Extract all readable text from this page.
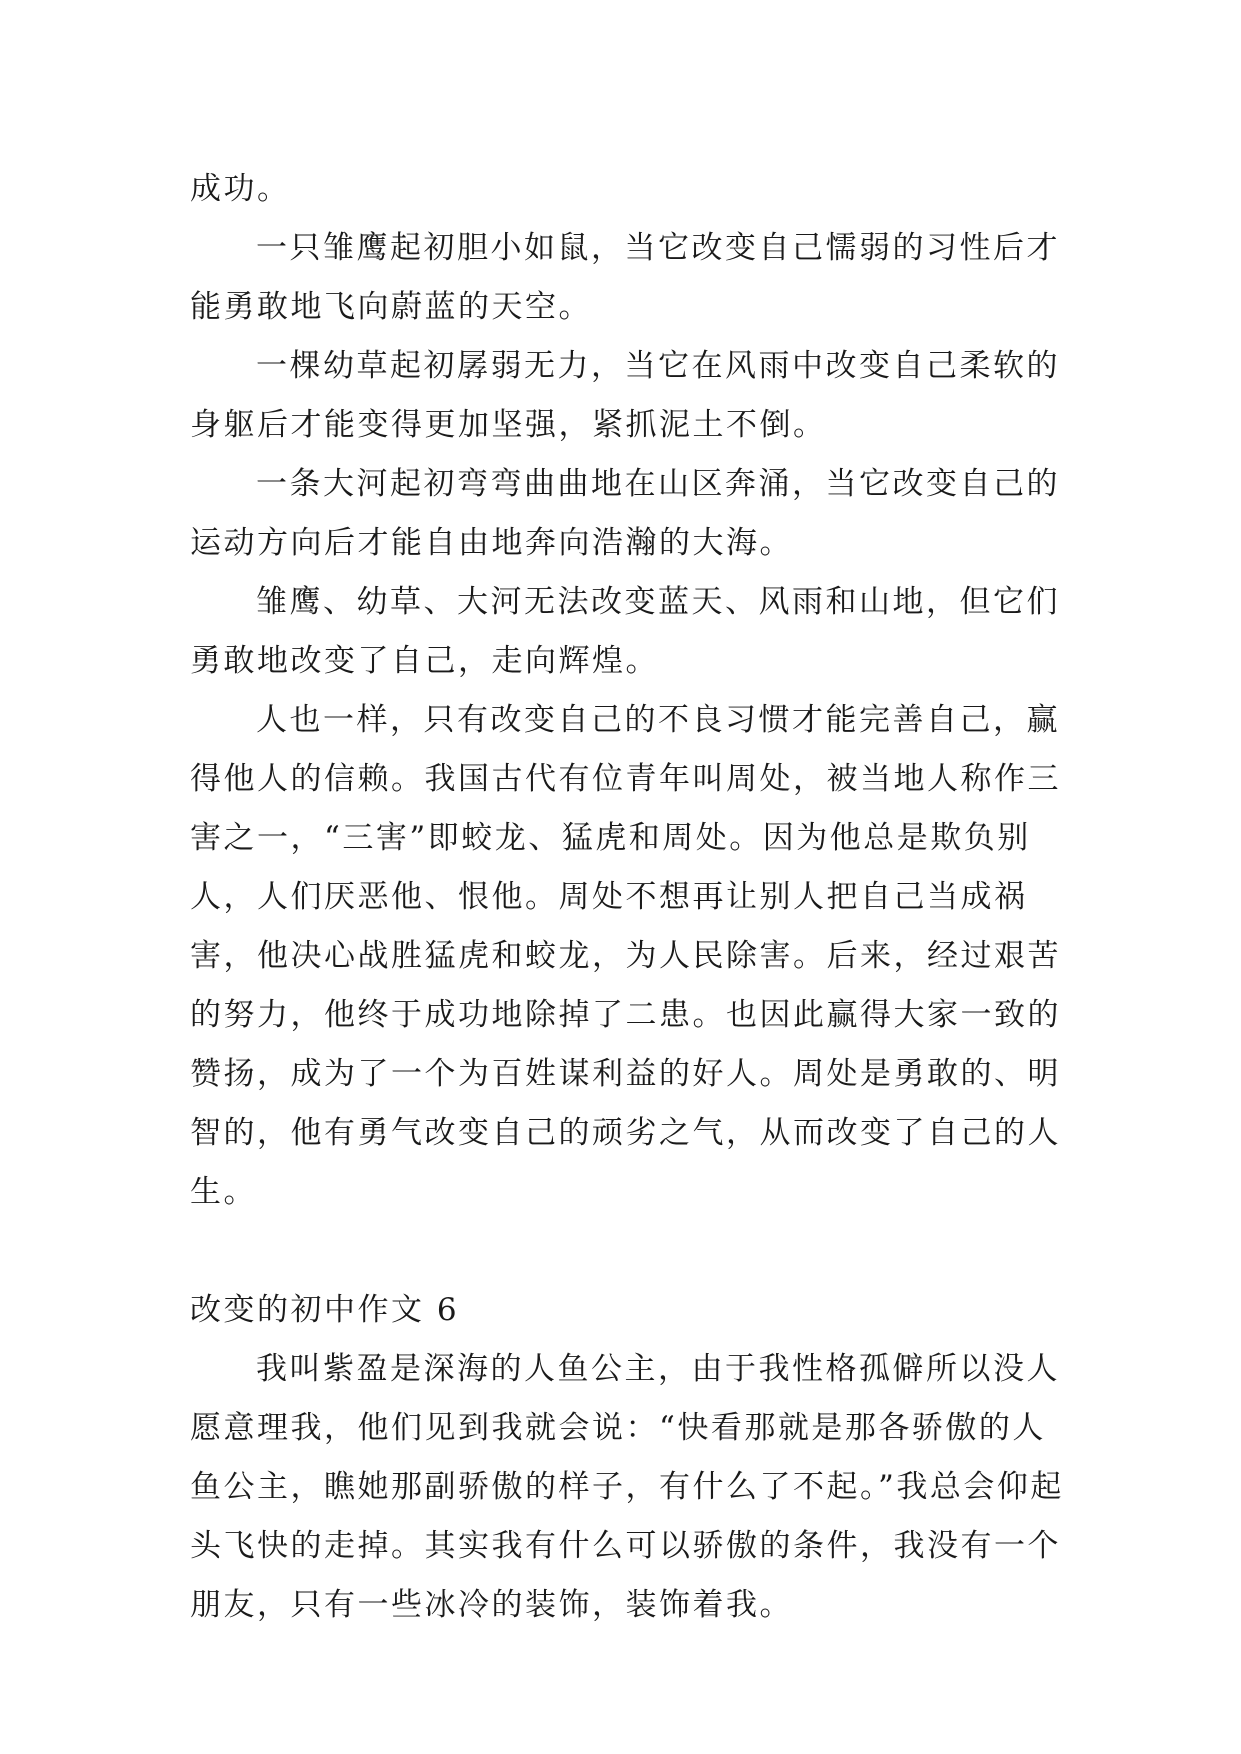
成功。

一只雏鹰起初胆小如鼠，当它改变自己懦弱的习性后才能勇敢地飞向蔚蓝的天空。

一棵幼草起初孱弱无力，当它在风雨中改变自己柔软的身躯后才能变得更加坚强，紧抓泥土不倒。

一条大河起初弯弯曲曲地在山区奔涌，当它改变自己的运动方向后才能自由地奔向浩瀚的大海。

雏鹰、幼草、大河无法改变蓝天、风雨和山地，但它们勇敢地改变了自己，走向辉煌。

人也一样，只有改变自己的不良习惯才能完善自己，赢得他人的信赖。我国古代有位青年叫周处，被当地人称作三害之一，“三害”即蛟龙、猛虎和周处。因为他总是欺负别人，人们厌恶他、恨他。周处不想再让别人把自己当成祸害，他决心战胜猛虎和蛟龙，为人民除害。后来，经过艰苦的努力，他终于成功地除掉了二患。也因此赢得大家一致的赞扬，成为了一个为百姓谋利益的好人。周处是勇敢的、明智的，他有勇气改变自己的顽劣之气，从而改变了自己的人生。

改变的初中作文 6

我叫紫盈是深海的人鱼公主，由于我性格孤僻所以没人愿意理我，他们见到我就会说：“快看那就是那各骄傲的人鱼公主，瞧她那副骄傲的样子，有什么了不起。”我总会仰起头飞快的走掉。其实我有什么可以骄傲的条件，我没有一个朋友，只有一些冰冷的装饰，装饰着我。
